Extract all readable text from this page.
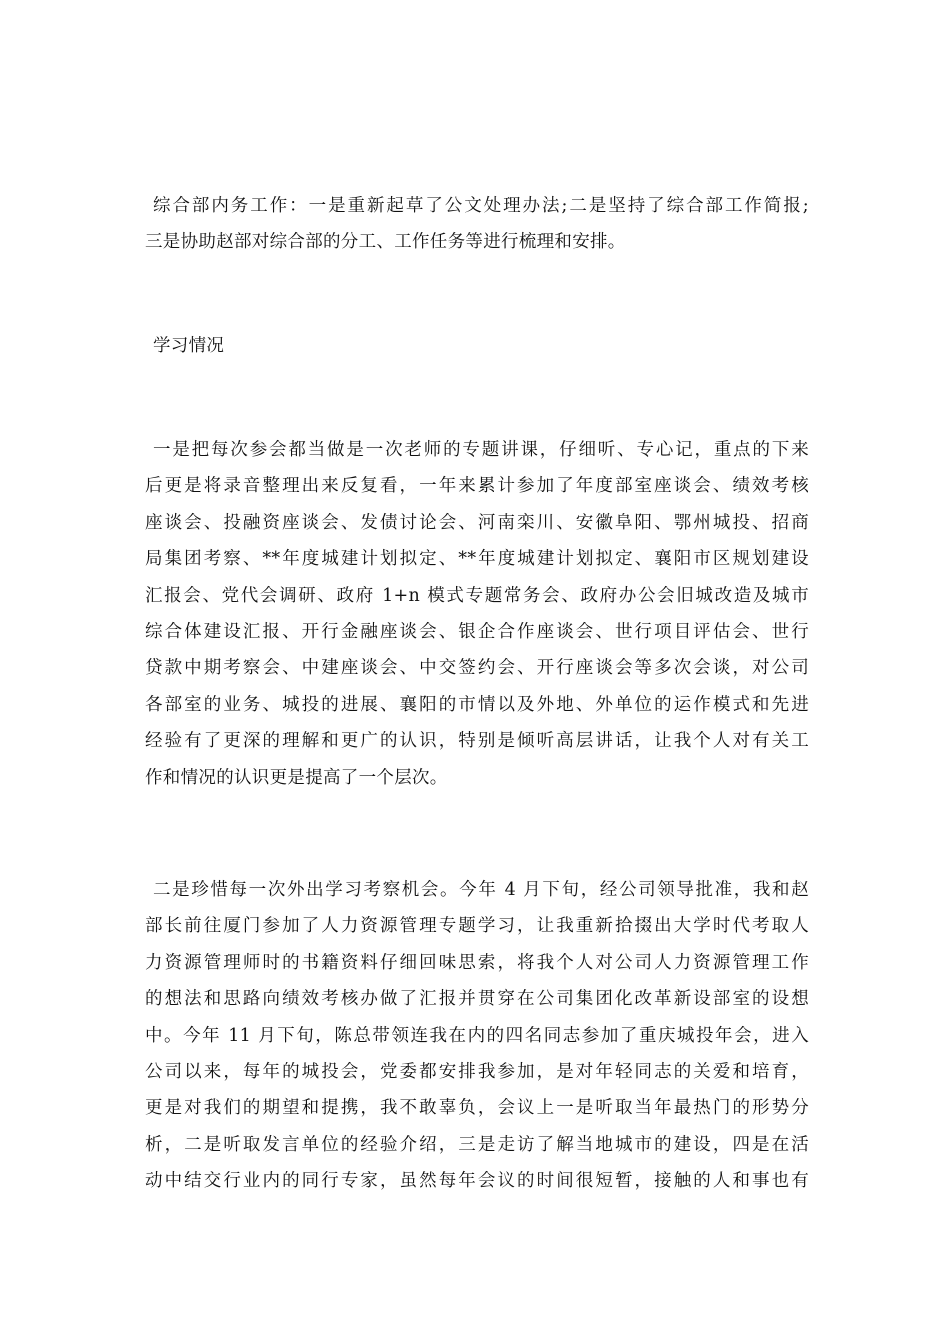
综合部内务工作：一是重新起草了公文处理办法;二是坚持了综合部工作简报;
三是协助赵部对综合部的分工、工作任务等进行梳理和安排。
学习情况
一是把每次参会都当做是一次老师的专题讲课，仔细听、专心记，重点的下来
后更是将录音整理出来反复看，一年来累计参加了年度部室座谈会、绩效考核
座谈会、投融资座谈会、发债讨论会、河南栾川、安徽阜阳、鄂州城投、招商
局集团考察、**年度城建计划拟定、**年度城建计划拟定、襄阳市区规划建设
汇报会、党代会调研、政府 1+n 模式专题常务会、政府办公会旧城改造及城市
综合体建设汇报、开行金融座谈会、银企合作座谈会、世行项目评估会、世行
贷款中期考察会、中建座谈会、中交签约会、开行座谈会等多次会谈，对公司
各部室的业务、城投的进展、襄阳的市情以及外地、外单位的运作模式和先进
经验有了更深的理解和更广的认识，特别是倾听高层讲话，让我个人对有关工
作和情况的认识更是提高了一个层次。
二是珍惜每一次外出学习考察机会。今年 4 月下旬，经公司领导批准，我和赵
部长前往厦门参加了人力资源管理专题学习，让我重新拾掇出大学时代考取人
力资源管理师时的书籍资料仔细回味思索，将我个人对公司人力资源管理工作
的想法和思路向绩效考核办做了汇报并贯穿在公司集团化改革新设部室的设想
中。今年 11 月下旬，陈总带领连我在内的四名同志参加了重庆城投年会，进入
公司以来，每年的城投会，党委都安排我参加，是对年轻同志的关爱和培育，
更是对我们的期望和提携，我不敢辜负，会议上一是听取当年最热门的形势分
析，二是听取发言单位的经验介绍，三是走访了解当地城市的建设，四是在活
动中结交行业内的同行专家，虽然每年会议的时间很短暂，接触的人和事也有
